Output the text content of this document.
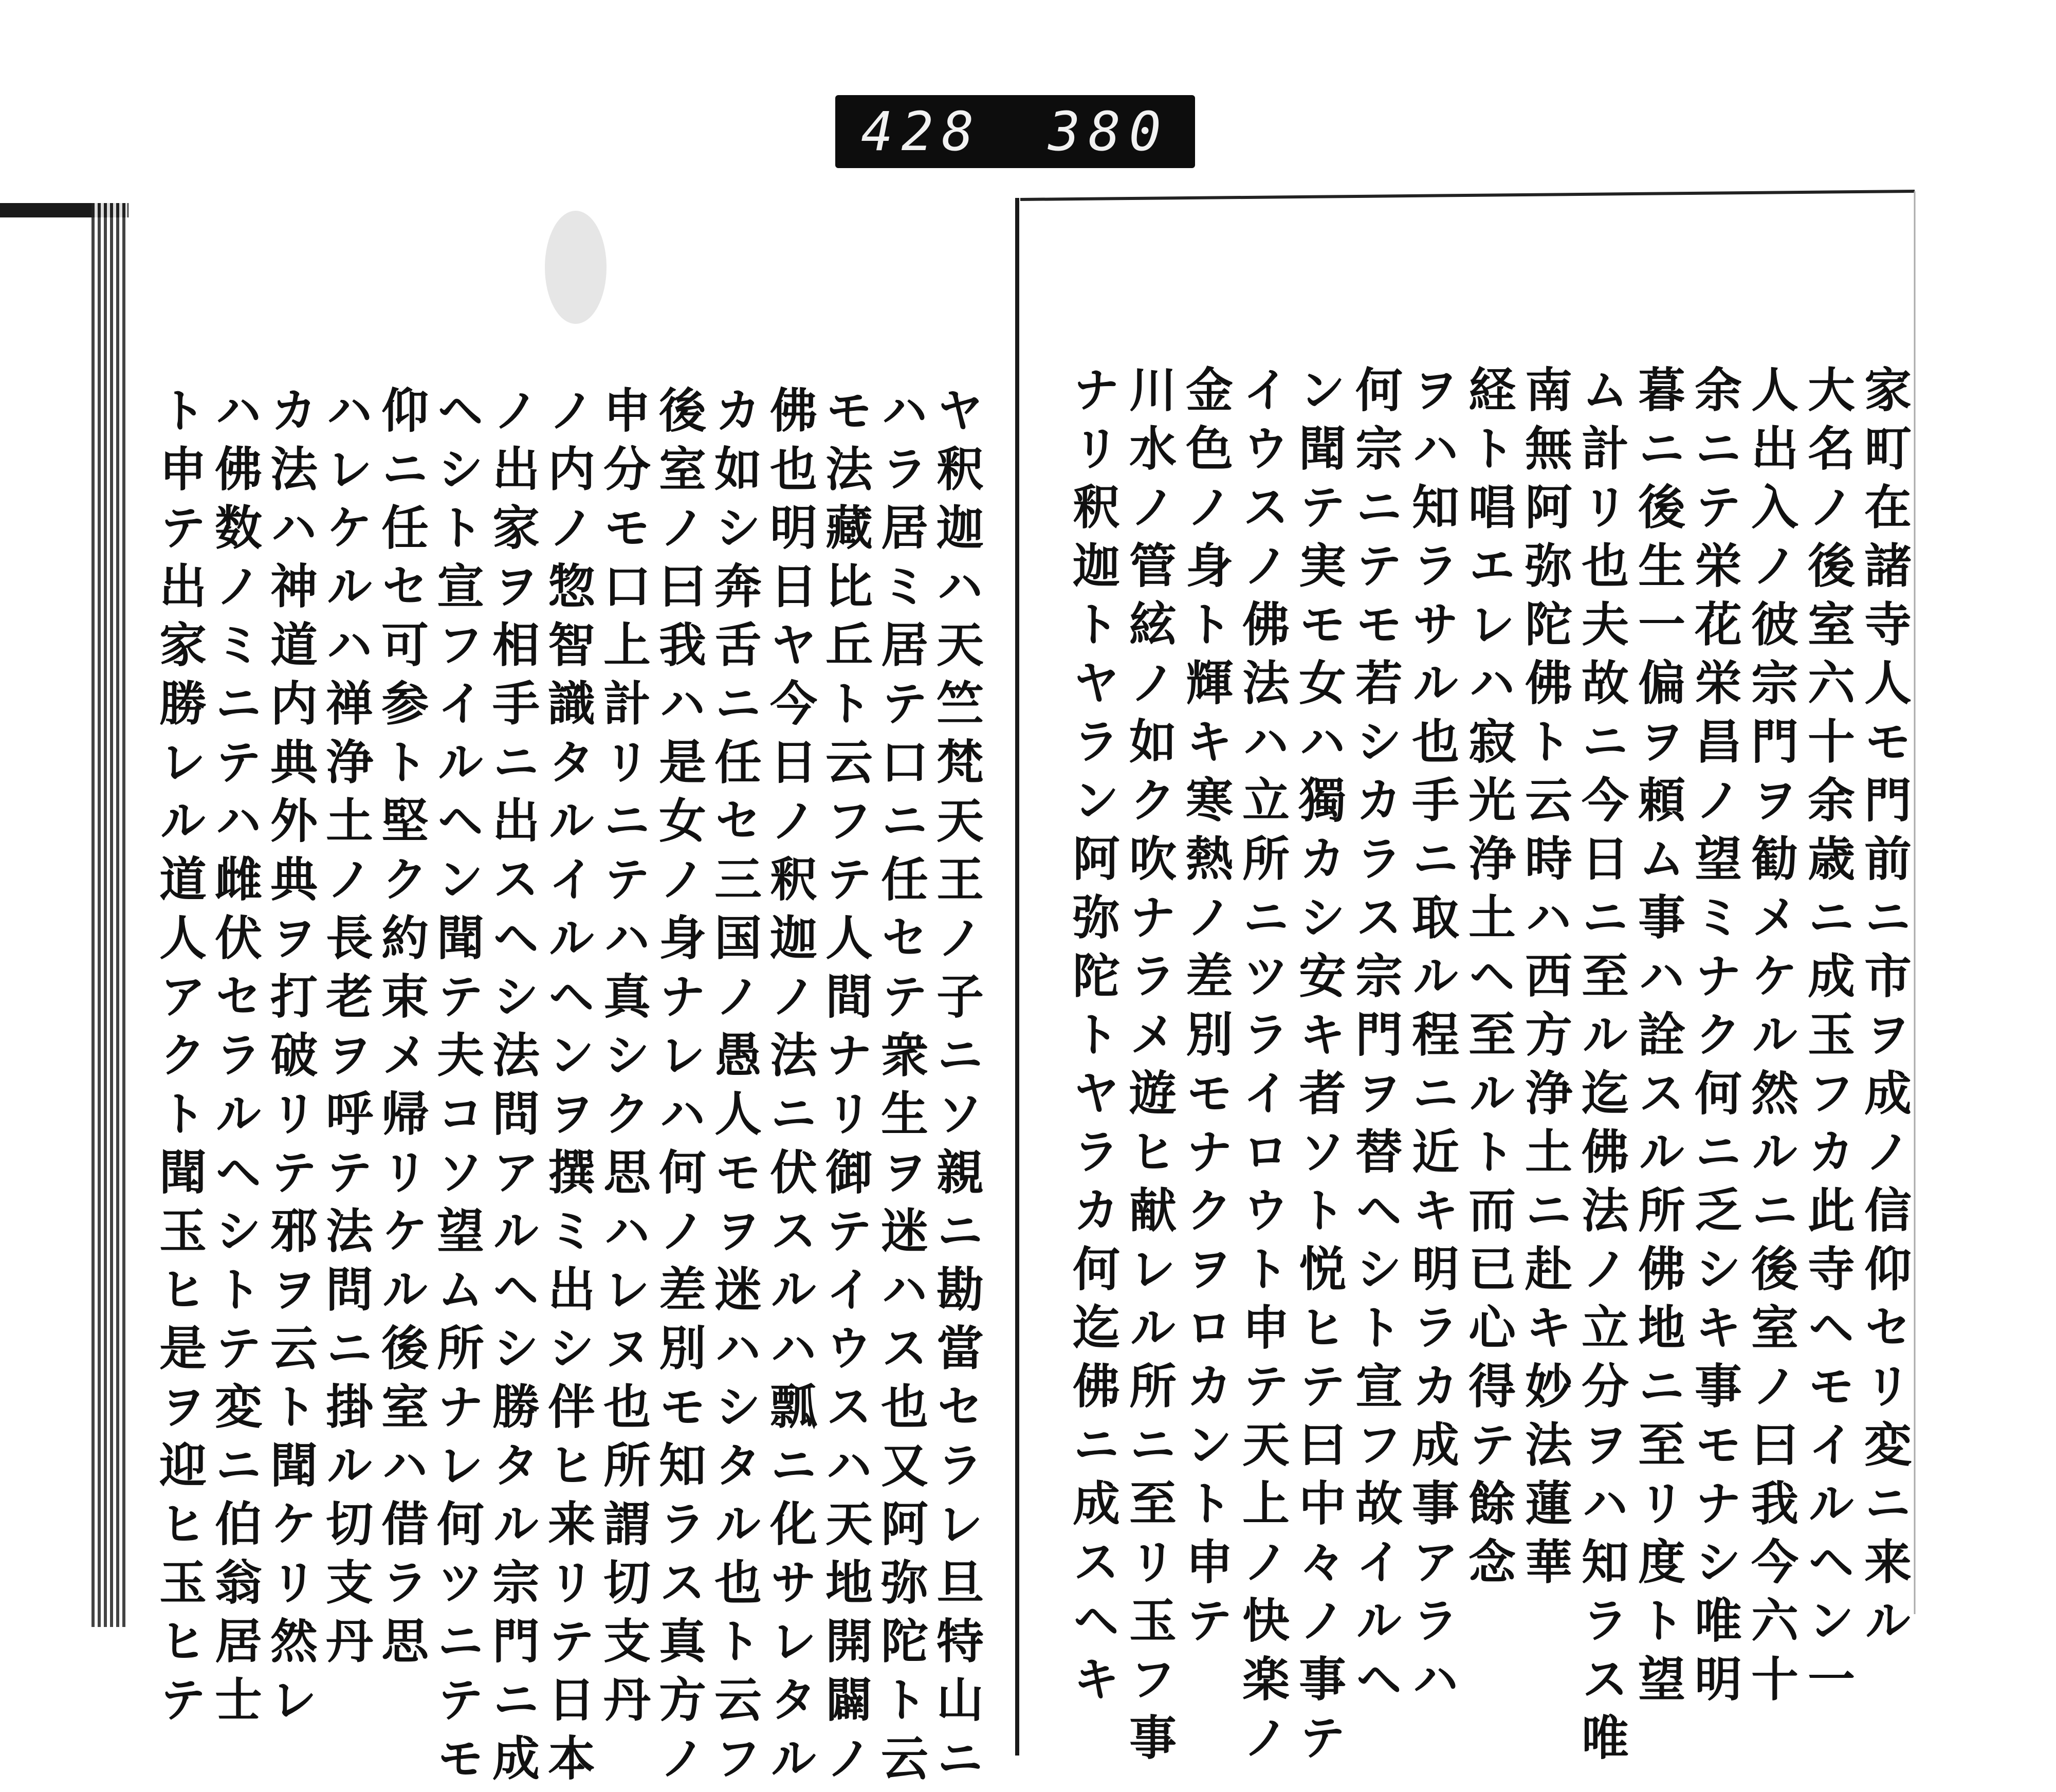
428 380
家町在諸寺人モ門前ニ市ヲ成ノ信仰セリ変ニ来ル
大名ノ後室六十余歳ニ成玉フカ此寺ヘモイルヘン一
人出入ノ彼宗門ヲ勧メケル然ルニ後室ノ曰我今六十
余ニテ栄花栄昌ノ望ミナク何ニ乏シキ事モナシ唯明
暮ニ後生一偏ヲ頼ム事ハ詮スル所佛地ニ至リ度ト望
ム計リ也夫故ニ今日ニ至ル迄佛法ノ立分ヲハ知ラス唯
南無阿弥陀佛ト云時ハ西方浄土ニ赴キ妙法蓮華
経ト唱エレハ寂光浄土ヘ至ルト而已心得テ餘念
ヲハ知ラサル也手ニ取ル程ニ近キ明ラカ成事アラハ
何宗ニテモ若シカラス宗門ヲ替ヘシト宣フ故イルヘ
ン聞テ実モ女ハ獨カシ安キ者ソト悦ヒテ曰中々ノ事テ
イウスノ佛法ハ立所ニツライロウト申テ天上ノ快楽ノ
金色ノ身ト輝キ寒熱ノ差別モナクヲロカント申テ
川水ノ管絃ノ如ク吹ナラメ遊ヒ献レル所ニ至リ玉フ事
ナリ釈迦トヤラン阿弥陀トヤラカ何迄佛ニ成スヘキ
ヤ釈迦ハ天竺梵天王ノ子ニソ親ニ勘當セラレ旦特山ニ
ハラ居ミ居テ口ニ任セテ衆生ヲ迷ハス也又阿弥陀ト云
モ法藏比丘ト云フテ人間ナリ御テイウスハ天地開闢ノ
佛也明日ヤ今日ノ釈迦ノ法ニ伏スルハ瓢ニ化サレタル
カ如シ奔舌ニ任セ三国ノ愚人モヲ迷ハシタル也ト云フ
後室ノ曰我ハ是女ノ身ナレハ何ノ差別モ知ラス真方ノ
申分モ口上計リニテハ真シク思ハレヌ也所謂切支丹
ノ内ノ惣智識タルイルヘンヲ撰ミ出シ伴ヒ来リテ日本
ノ出家ヲ相手ニ出スヘシ法問アルヘシ勝タル宗門ニ成
ヘシト宣フイルヘン聞テ夫コソ望ム所ナレ何ツニテモ
仰ニ任セ可参ト堅ク約束メ帰リケル後室ハ借ラ思
ハレケルハ禅浄土ノ長老ヲ呼テ法問ニ掛ル切支丹
カ法ハ神道内典外典ヲ打破リテ邪ヲ云ト聞ケリ然レ
ハ佛数ノミニテハ雌伏セラルヘシトテ変ニ伯翁居士
ト申テ出家勝レル道人アクト聞玉ヒ是ヲ迎ヒ玉ヒテ
